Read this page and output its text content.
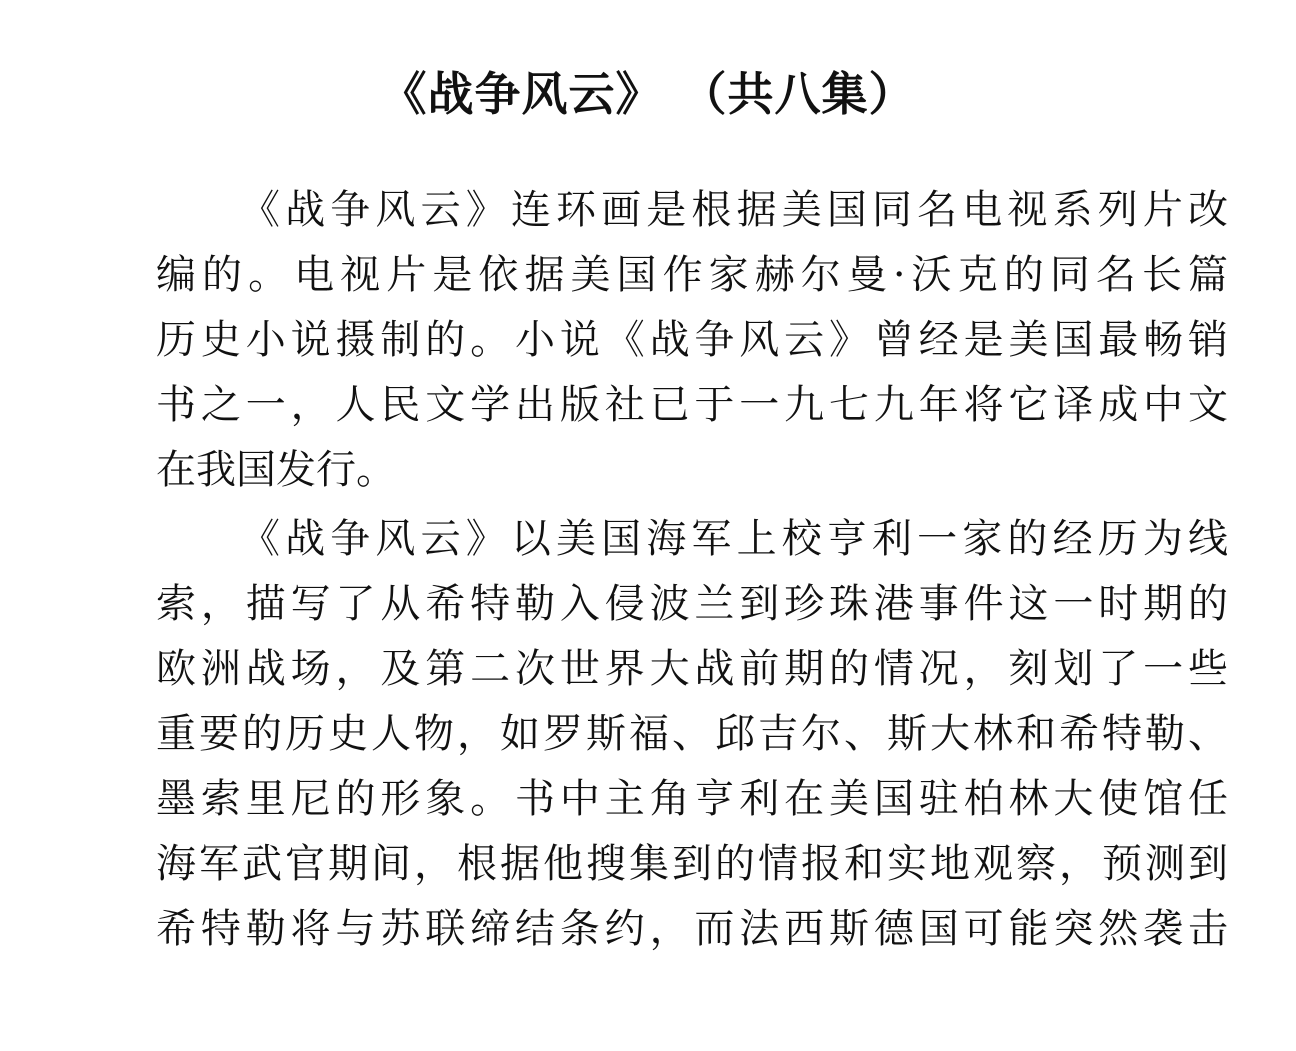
《战争风云》 （共八集）
《战争风云》连环画是根据美国同名电视系列片改
编的。电视片是依据美国作家赫尔曼·沃克的同名长篇
历史小说摄制的。小说《战争风云》曾经是美国最畅销
书之一，人民文学出版社已于一九七九年将它译成中文
在我国发行。
《战争风云》以美国海军上校亨利一家的经历为线
索，描写了从希特勒入侵波兰到珍珠港事件这一时期的
欧洲战场，及第二次世界大战前期的情况，刻划了一些
重要的历史人物，如罗斯福、邱吉尔、斯大林和希特勒、
墨索里尼的形象。书中主角亨利在美国驻柏林大使馆任
海军武官期间，根据他搜集到的情报和实地观察，预测到
希特勒将与苏联缔结条约，而法西斯德国可能突然袭击
